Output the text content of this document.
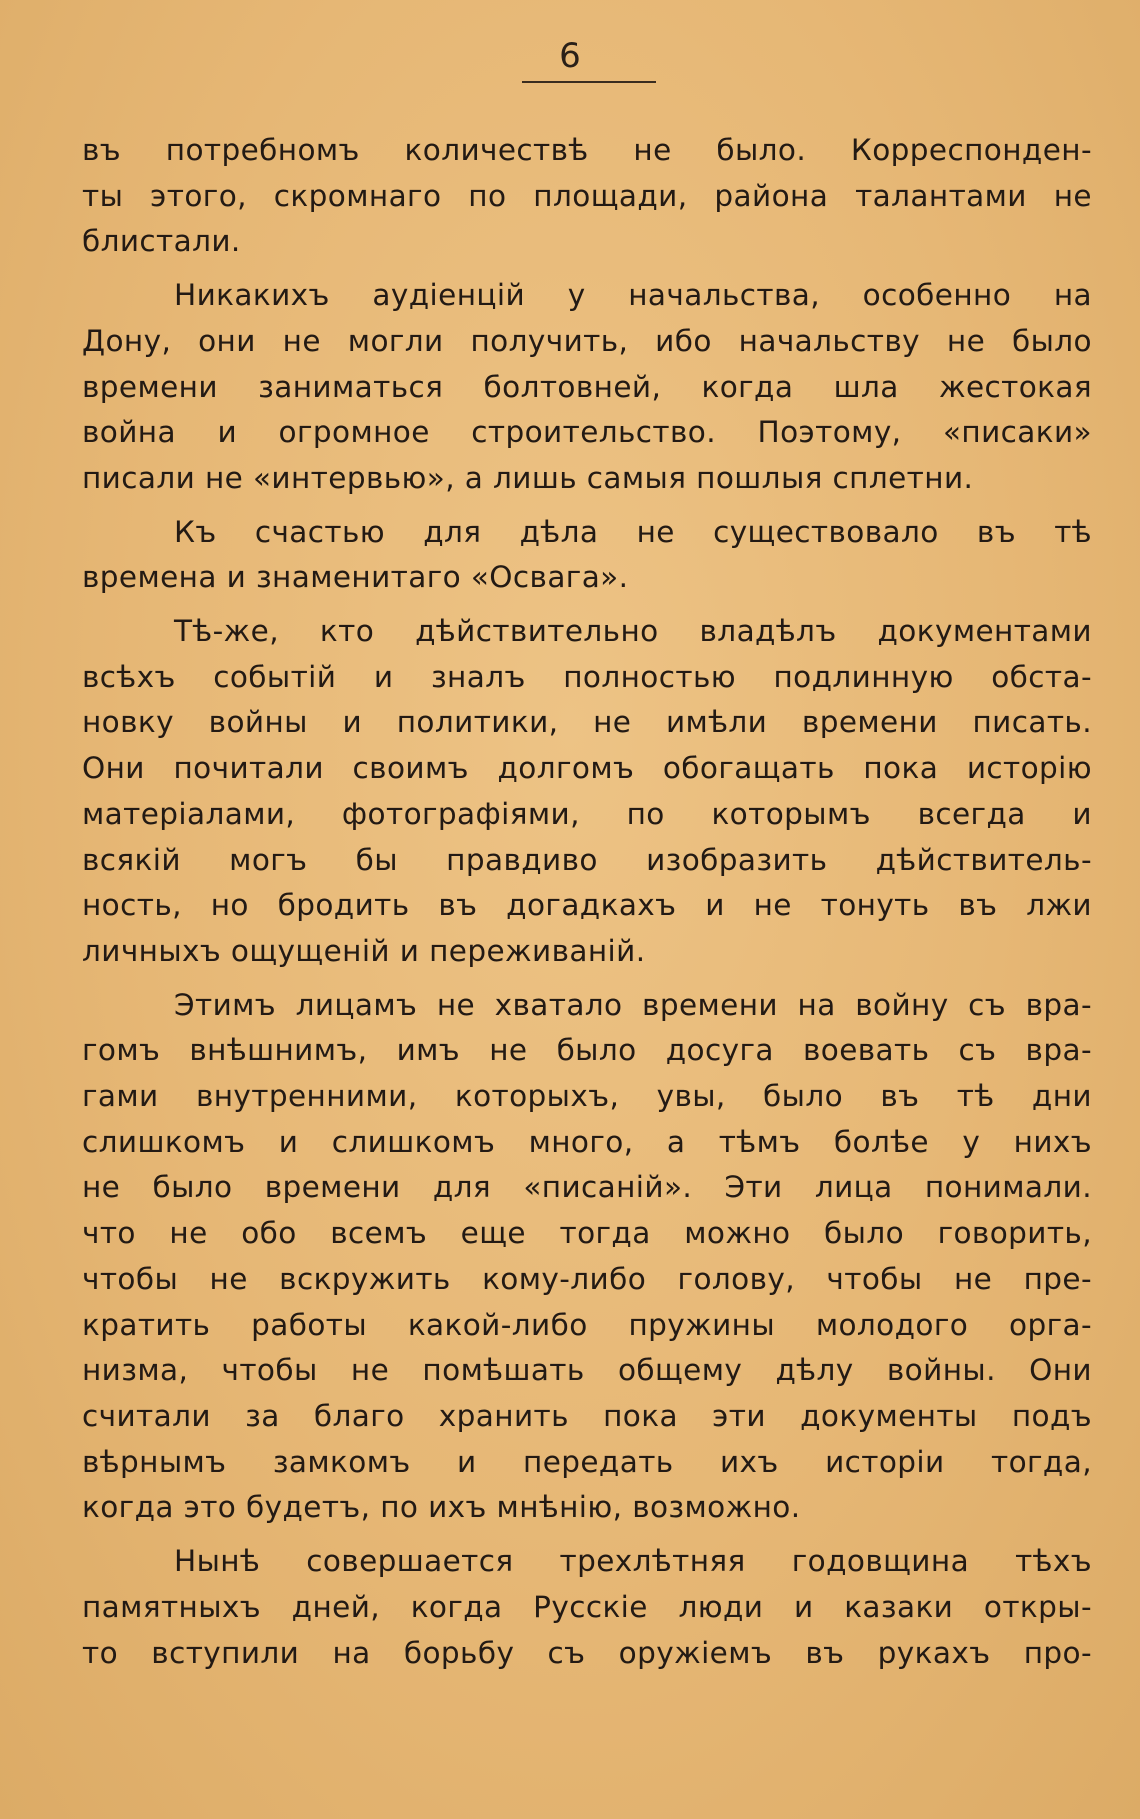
6
въ потребномъ количествѣ не было. Корреспонден-
ты этого, скромнаго по площади, района талантами не
блистали.
Никакихъ аудіенцій у начальства, особенно на
Дону, они не могли получить, ибо начальству не было
времени заниматься болтовней, когда шла жестокая
война и огромное строительство. Поэтому, «писаки»
писали не «интервью», а лишь самыя пошлыя сплетни.
Къ счастью для дѣла не существовало въ тѣ
времена и знаменитаго «Освага».
Тѣ-же, кто дѣйствительно владѣлъ документами
всѣхъ событій и зналъ полностью подлинную обста-
новку войны и политики, не имѣли времени писать.
Они почитали своимъ долгомъ обогащать пока исторію
матеріалами, фотографіями, по которымъ всегда и
всякій могъ бы правдиво изобразить дѣйствитель-
ность, но бродить въ догадкахъ и не тонуть въ лжи
личныхъ ощущеній и переживаній.
Этимъ лицамъ не хватало времени на войну съ вра-
гомъ внѣшнимъ, имъ не было досуга воевать съ вра-
гами внутренними, которыхъ, увы, было въ тѣ дни
слишкомъ и слишкомъ много, а тѣмъ болѣе у нихъ
не было времени для «писаній». Эти лица понимали.
что не обо всемъ еще тогда можно было говорить,
чтобы не вскружить кому-либо голову, чтобы не пре-
кратить работы какой-либо пружины молодого орга-
низма, чтобы не помѣшать общему дѣлу войны. Они
считали за благо хранить пока эти документы подъ
вѣрнымъ замкомъ и передать ихъ исторіи тогда,
когда это будетъ, по ихъ мнѣнію, возможно.
Нынѣ совершается трехлѣтняя годовщина тѣхъ
памятныхъ дней, когда Русскіе люди и казаки откры-
то вступили на борьбу съ оружіемъ въ рукахъ про-
